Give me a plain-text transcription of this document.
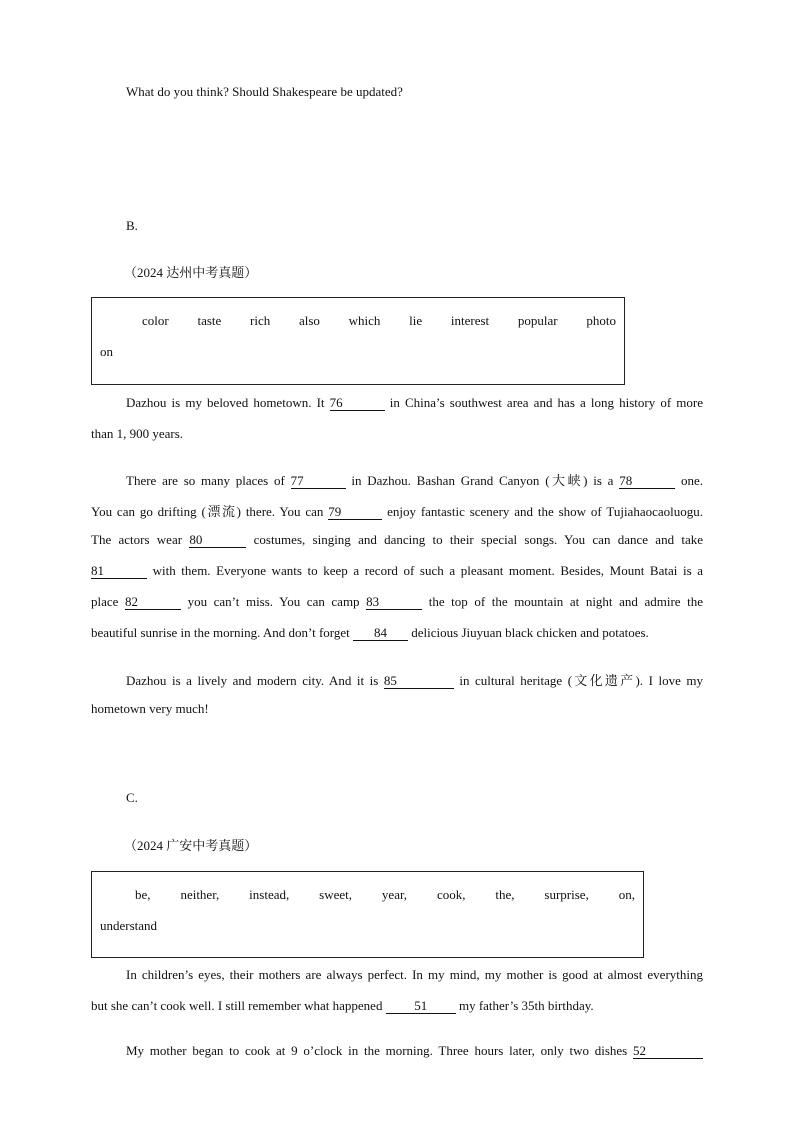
What do you think? Should Shakespeare be updated?
B.
（2024 达州中考真题）
color taste rich also which lie interest popular photo
on
Dazhou is my beloved hometown. It 76	in China’s southwest area and has a long history of more
than 1, 900 years.
There are so many places of 77	in Dazhou. Bashan Grand Canyon (大峡) is a 78	one.
You can go drifting (漂流) there. You can 79	enjoy fantastic scenery and the show of Tujiahaocaoluogu.
The actors wear 80	costumes, singing and dancing to their special songs. You can dance and take
81	with them. Everyone wants to keep a record of such a pleasant moment. Besides, Mount Batai is a
place 82	you can’t miss. You can camp 83	the top of the mountain at night and admire the
beautiful sunrise in the morning. And don’t forget 84 delicious Jiuyuan black chicken and potatoes.
Dazhou is a lively and modern city. And it is 85	in cultural heritage (文化遗产). I love my
hometown very much!
C.
（2024 广安中考真题）
be, neither, instead, sweet, year, cook, the, surprise, on,
understand
In children’s eyes, their mothers are always perfect. In my mind, my mother is good at almost everything
but she can’t cook well. I still remember what happened 51 my father’s 35th birthday.
My mother began to cook at 9 o’clock in the morning. Three hours later, only two dishes 52
